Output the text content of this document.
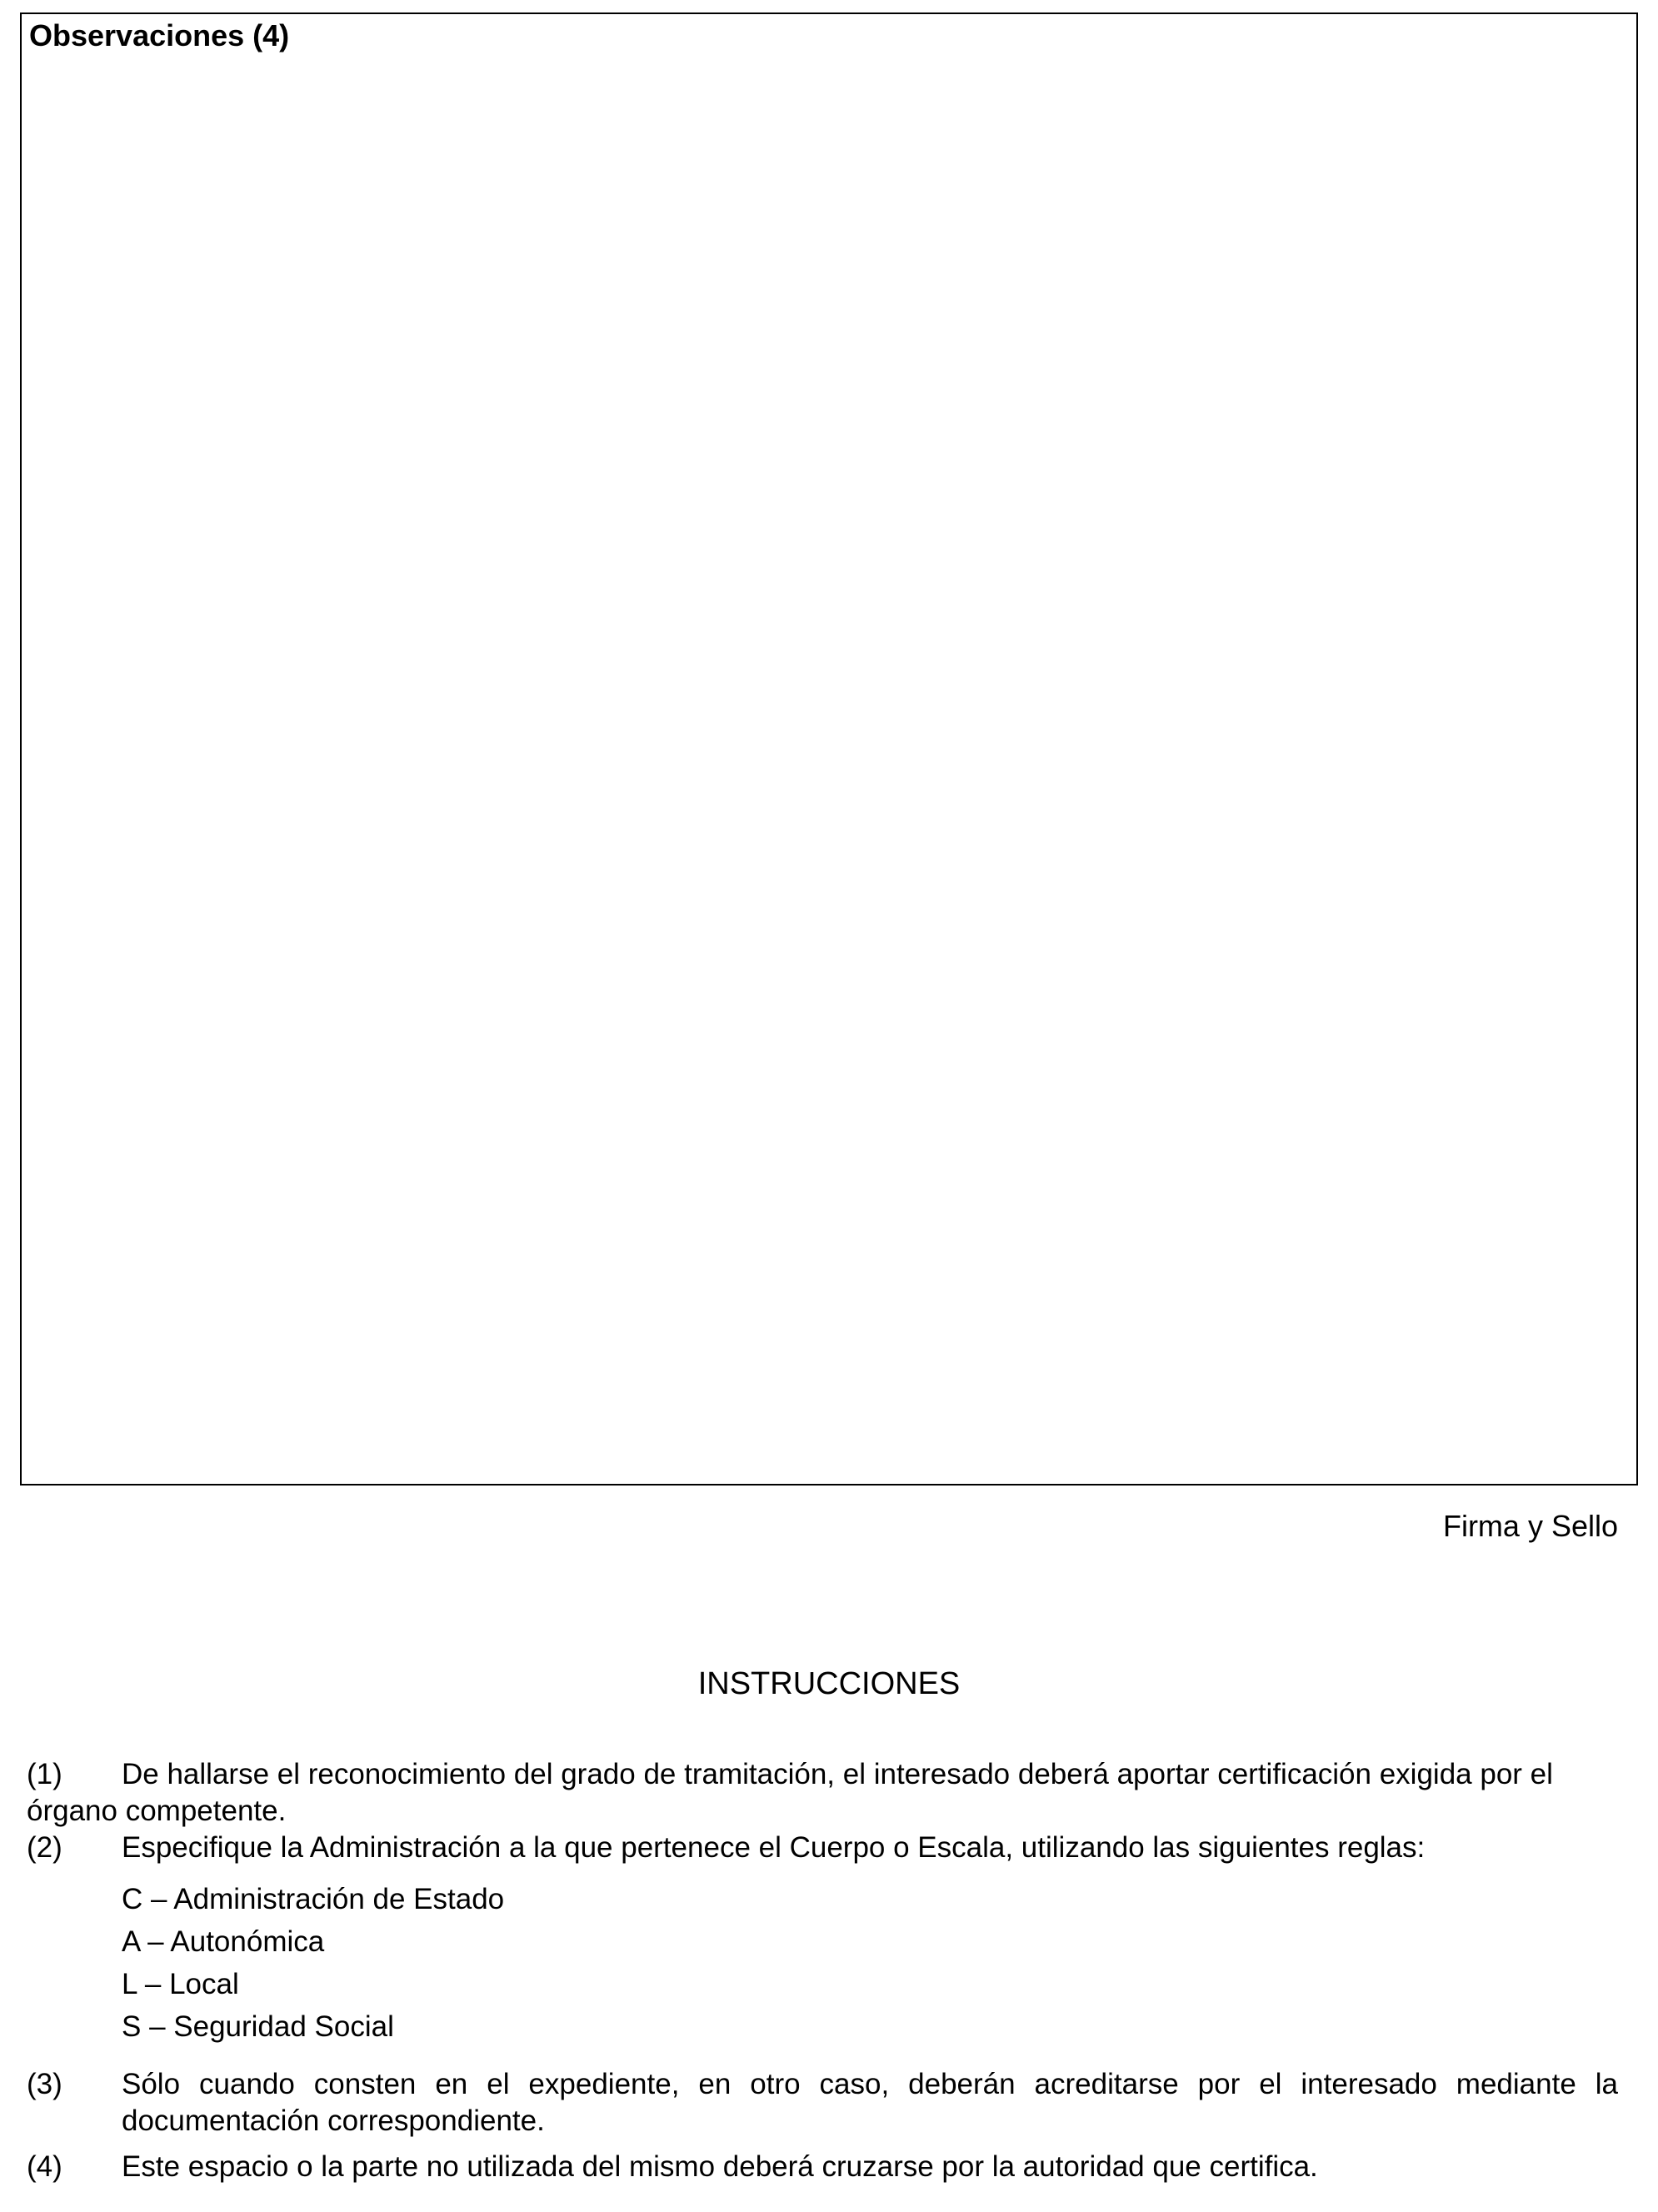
Observaciones (4)
Firma y Sello
INSTRUCCIONES
(1)	De hallarse el reconocimiento del grado de tramitación, el interesado deberá aportar certificación exigida por el órgano competente.
(2) Especifique la Administración a la que pertenece el Cuerpo o Escala, utilizando las siguientes reglas:
C – Administración de Estado
A – Autonómica
L – Local
S – Seguridad Social
(3) Sólo cuando consten en el expediente, en otro caso, deberán acreditarse por el interesado mediante la documentación correspondiente.
(4) Este espacio o la parte no utilizada del mismo deberá cruzarse por la autoridad que certifica.
